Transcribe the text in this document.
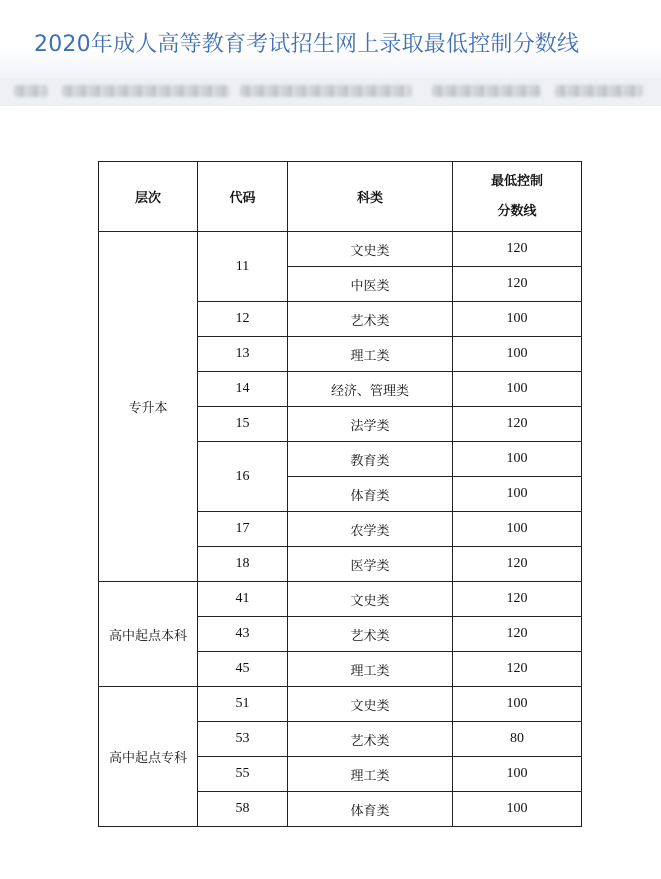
2020年成人高等教育考试招生网上录取最低控制分数线
层次	代码	科类	最低控制
分数线
专升本	11	文史类	120
		中医类	120
	12	艺术类	100
	13	理工类	100
	14	经济、管理类	100
	15	法学类	120
	16	教育类	100
		体育类	100
	17	农学类	100
	18	医学类	120
高中起点本科	41	文史类	120
	43	艺术类	120
	45	理工类	120
高中起点专科	51	文史类	100
	53	艺术类	80
	55	理工类	100
	58	体育类	100
